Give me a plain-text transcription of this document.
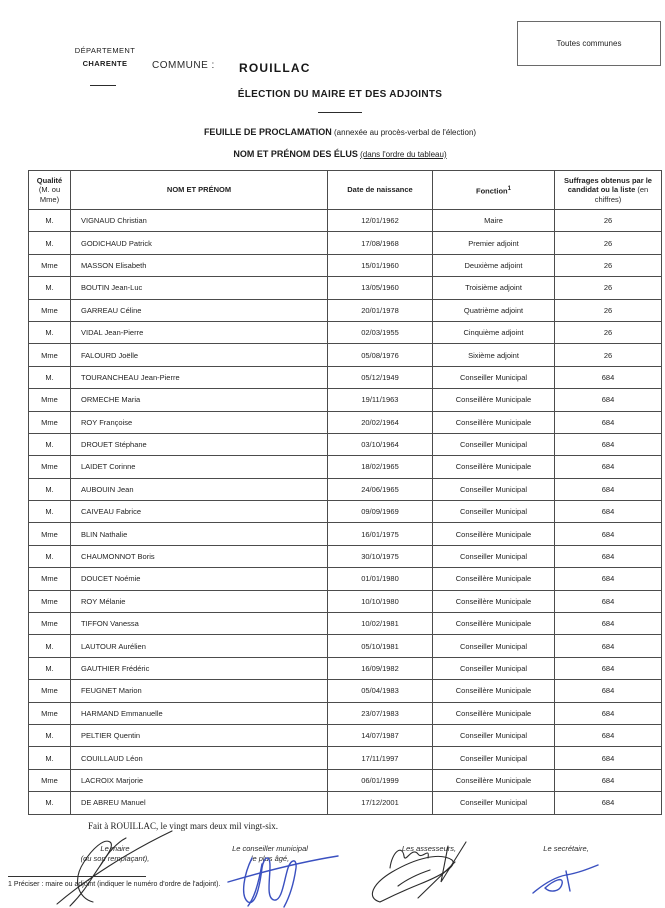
DÉPARTEMENT
CHARENTE	COMMUNE : ROUILLAC
Toutes communes
ÉLECTION DU MAIRE ET DES ADJOINTS
FEUILLE DE PROCLAMATION (annexée au procès-verbal de l'élection)
NOM ET PRÉNOM DES ÉLUS (dans l'ordre du tableau)
Qualité
(M. ou Mme)	NOM ET PRÉNOM	Date de naissance	Fonction$^1$	Suffrages obtenus par le candidat ou la liste (en chiffres)
M.	VIGNAUD Christian	12/01/1962	Maire	26
M.	GODICHAUD Patrick	17/08/1968	Premier adjoint	26
Mme	MASSON Elisabeth	15/01/1960	Deuxième adjoint	26
M.	BOUTIN Jean-Luc	13/05/1960	Troisième adjoint	26
Mme	GARREAU Céline	20/01/1978	Quatrième adjoint	26
M.	VIDAL Jean-Pierre	02/03/1955	Cinquième adjoint	26
Mme	FALOURD Joëlle	05/08/1976	Sixième adjoint	26
M.	TOURANCHEAU Jean-Pierre	05/12/1949	Conseiller Municipal	684
Mme	ORMECHE Maria	19/11/1963	Conseillère Municipale	684
Mme	ROY Françoise	20/02/1964	Conseillère Municipale	684
M.	DROUET Stéphane	03/10/1964	Conseiller Municipal	684
Mme	LAIDET Corinne	18/02/1965	Conseillère Municipale	684
M.	AUBOUIN Jean	24/06/1965	Conseiller Municipal	684
M.	CAIVEAU Fabrice	09/09/1969	Conseiller Municipal	684
Mme	BLIN Nathalie	16/01/1975	Conseillère Municipale	684
M.	CHAUMONNOT Boris	30/10/1975	Conseiller Municipal	684
Mme	DOUCET Noémie	01/01/1980	Conseillère Municipale	684
Mme	ROY Mélanie	10/10/1980	Conseillère Municipale	684
Mme	TIFFON Vanessa	10/02/1981	Conseillère Municipale	684
M.	LAUTOUR Aurélien	05/10/1981	Conseiller Municipal	684
M.	GAUTHIER Frédéric	16/09/1982	Conseiller Municipal	684
Mme	FEUGNET Marion	05/04/1983	Conseillère Municipale	684
Mme	HARMAND Emmanuelle	23/07/1983	Conseillère Municipale	684
M.	PELTIER Quentin	14/07/1987	Conseiller Municipal	684
M.	COUILLAUD Léon	17/11/1997	Conseiller Municipal	684
Mme	LACROIX Marjorie	06/01/1999	Conseillère Municipale	684
M.	DE ABREU Manuel	17/12/2001	Conseiller Municipal	684
Fait à ROUILLAC, le vingt mars deux mil vingt-six.
Le maire
(ou son remplaçant),
Le conseiller municipal
le plus âgé,
Les assesseurs,	Le secrétaire,
1 Préciser : maire ou adjoint (indiquer le numéro d'ordre de l'adjoint).
